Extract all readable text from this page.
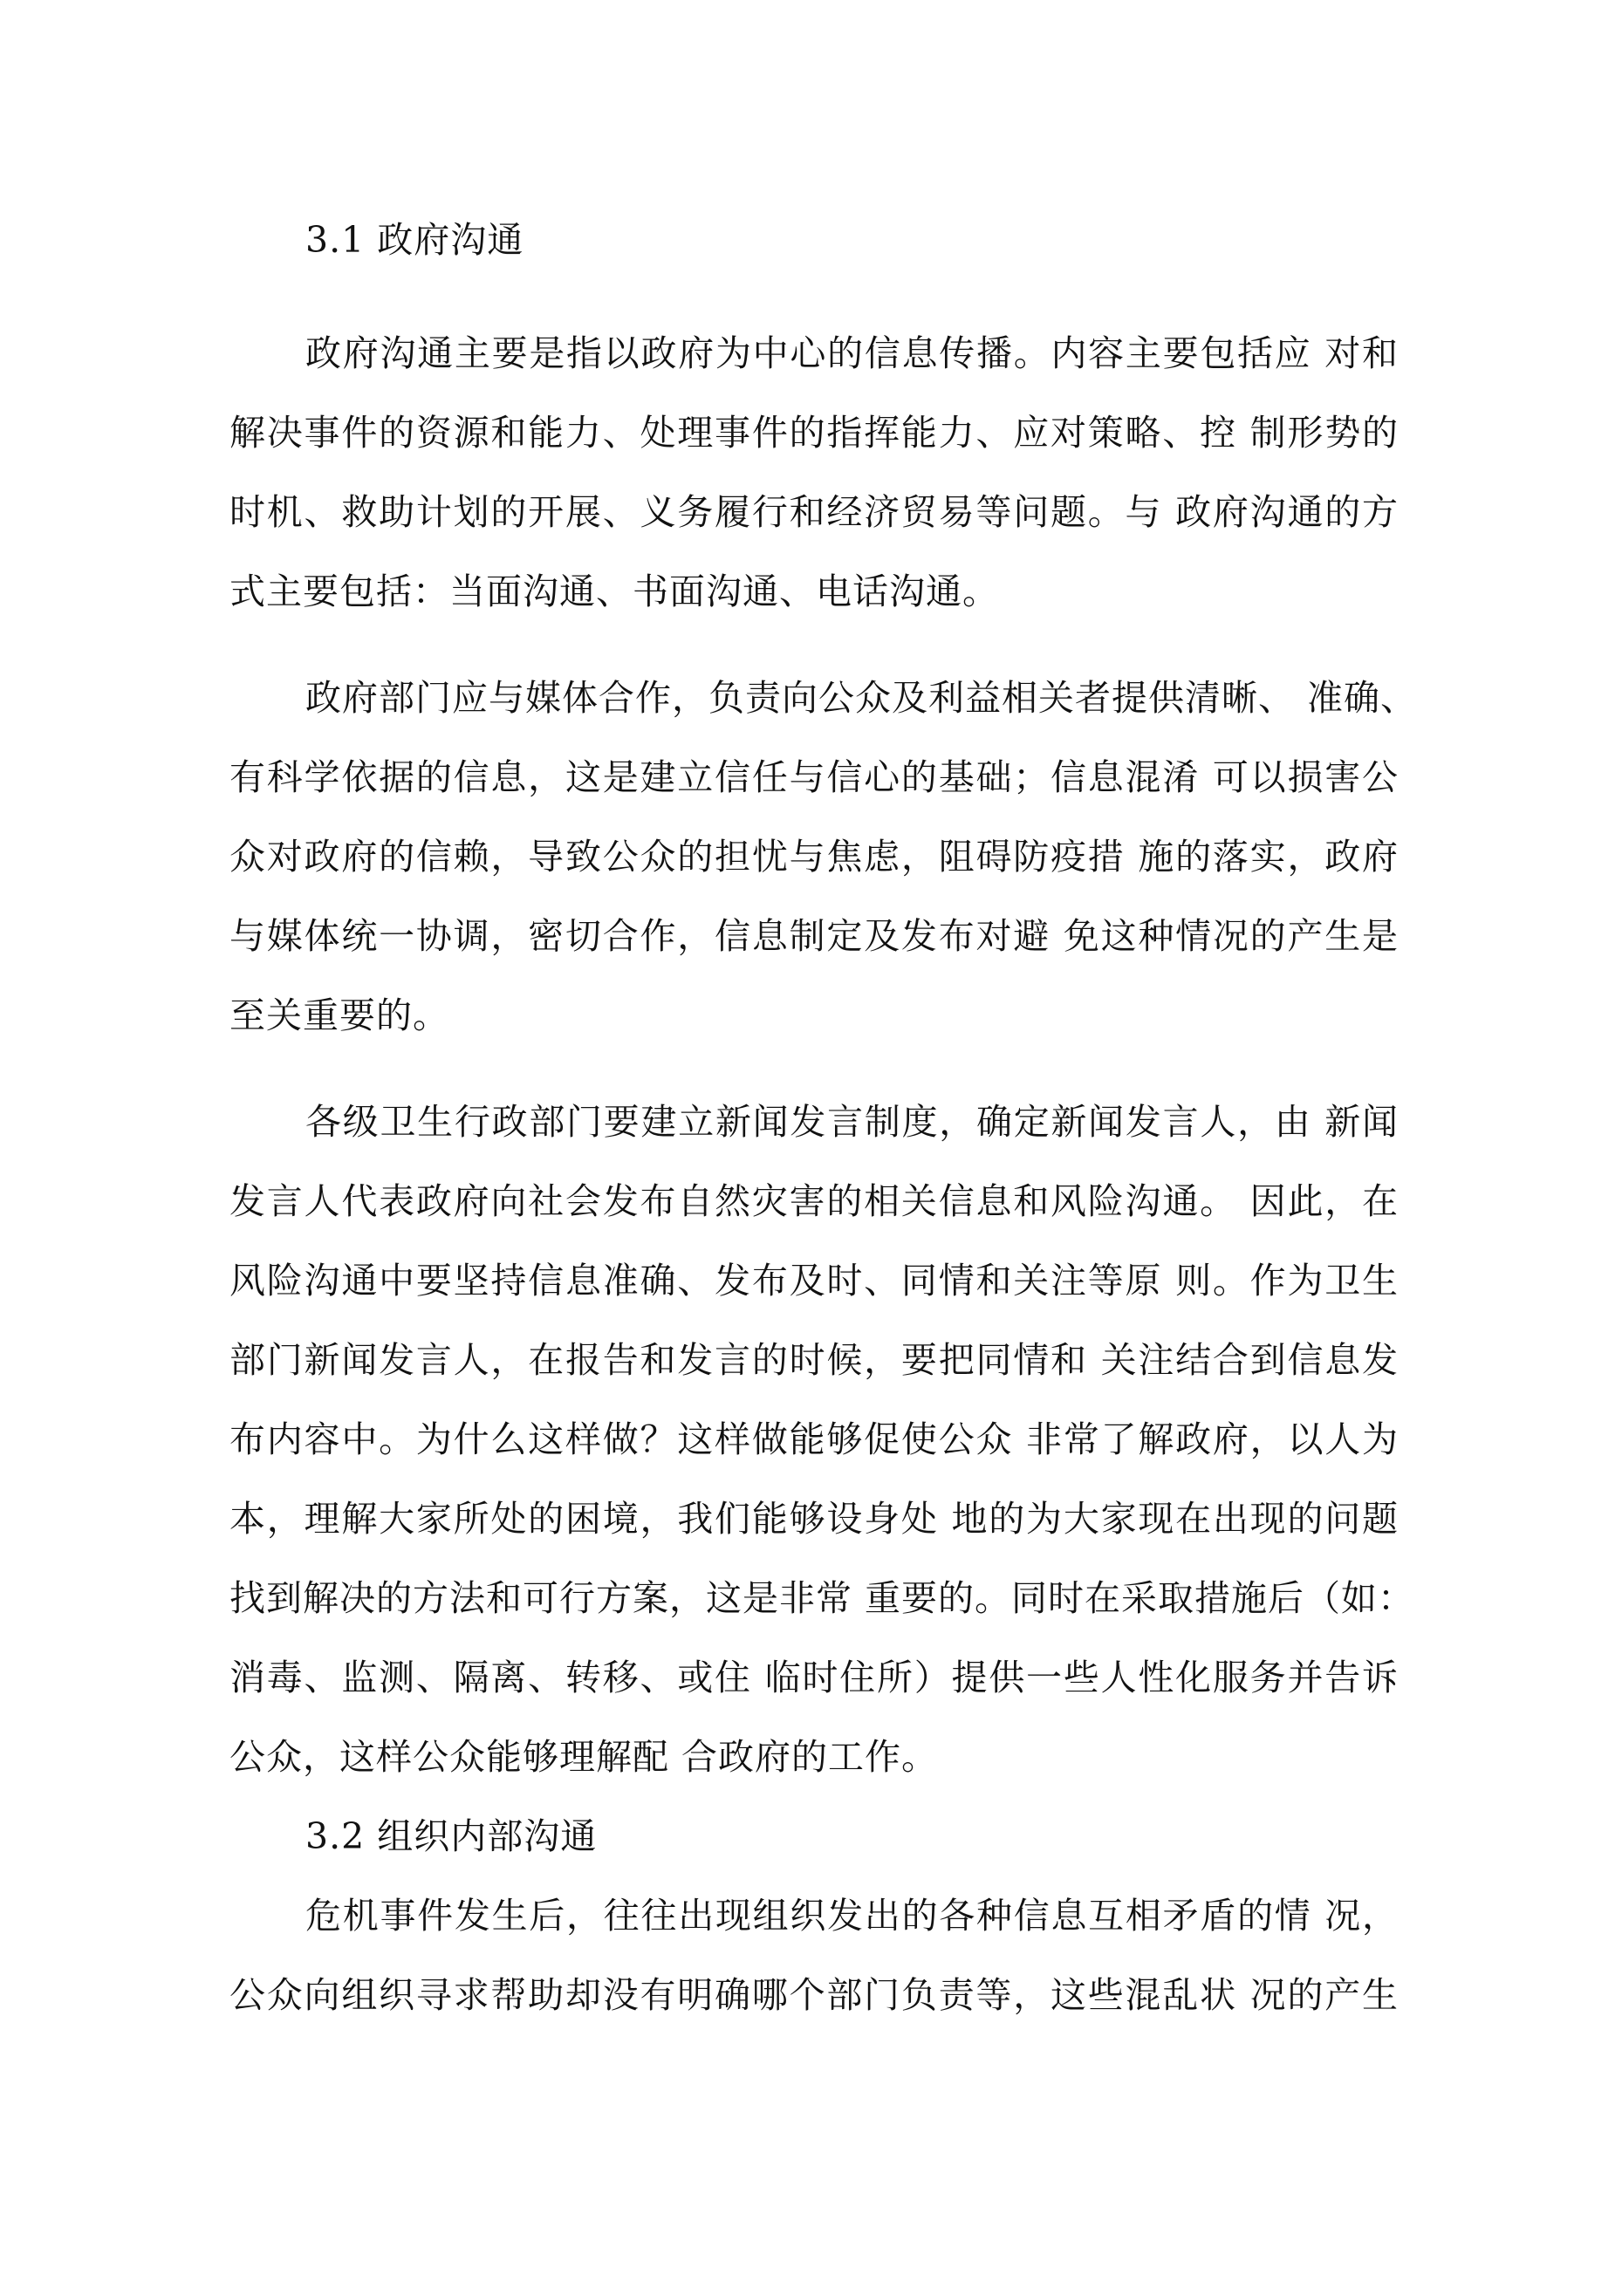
3.1 政府沟通
政府沟通主要是指以政府为中心的信息传播。内容主要包括应 对和
解决事件的资源和能力、处理事件的指挥能力、应对策略、控 制形势的
时机、救助计划的开展、义务履行和经济贸易等问题。与 政府沟通的方
式主要包括：当面沟通、书面沟通、电话沟通。
政府部门应与媒体合作，负责向公众及利益相关者提供清晰、 准确、
有科学依据的信息，这是建立信任与信心的基础；信息混淆 可以损害公
众对政府的信赖，导致公众的担忧与焦虑，阻碍防疫措 施的落实，政府
与媒体统一协调，密切合作，信息制定及发布对避 免这种情况的产生是
至关重要的。
各级卫生行政部门要建立新闻发言制度，确定新闻发言人，由 新闻
发言人代表政府向社会发布自然灾害的相关信息和风险沟通。 因此，在
风险沟通中要坚持信息准确、发布及时、同情和关注等原 则。作为卫生
部门新闻发言人，在报告和发言的时候，要把同情和 关注结合到信息发
布内容中。为什么这样做？这样做能够促使公众 非常了解政府，以人为
本，理解大家所处的困境，我们能够设身处 地的为大家现在出现的问题
找到解决的方法和可行方案，这是非常 重要的。同时在采取措施后（如：
消毒、监测、隔离、转移、或住 临时住所）提供一些人性化服务并告诉
公众，这样公众能够理解配 合政府的工作。
3.2 组织内部沟通
危机事件发生后，往往出现组织发出的各种信息互相矛盾的情 况，
公众向组织寻求帮助却没有明确哪个部门负责等，这些混乱状 况的产生
